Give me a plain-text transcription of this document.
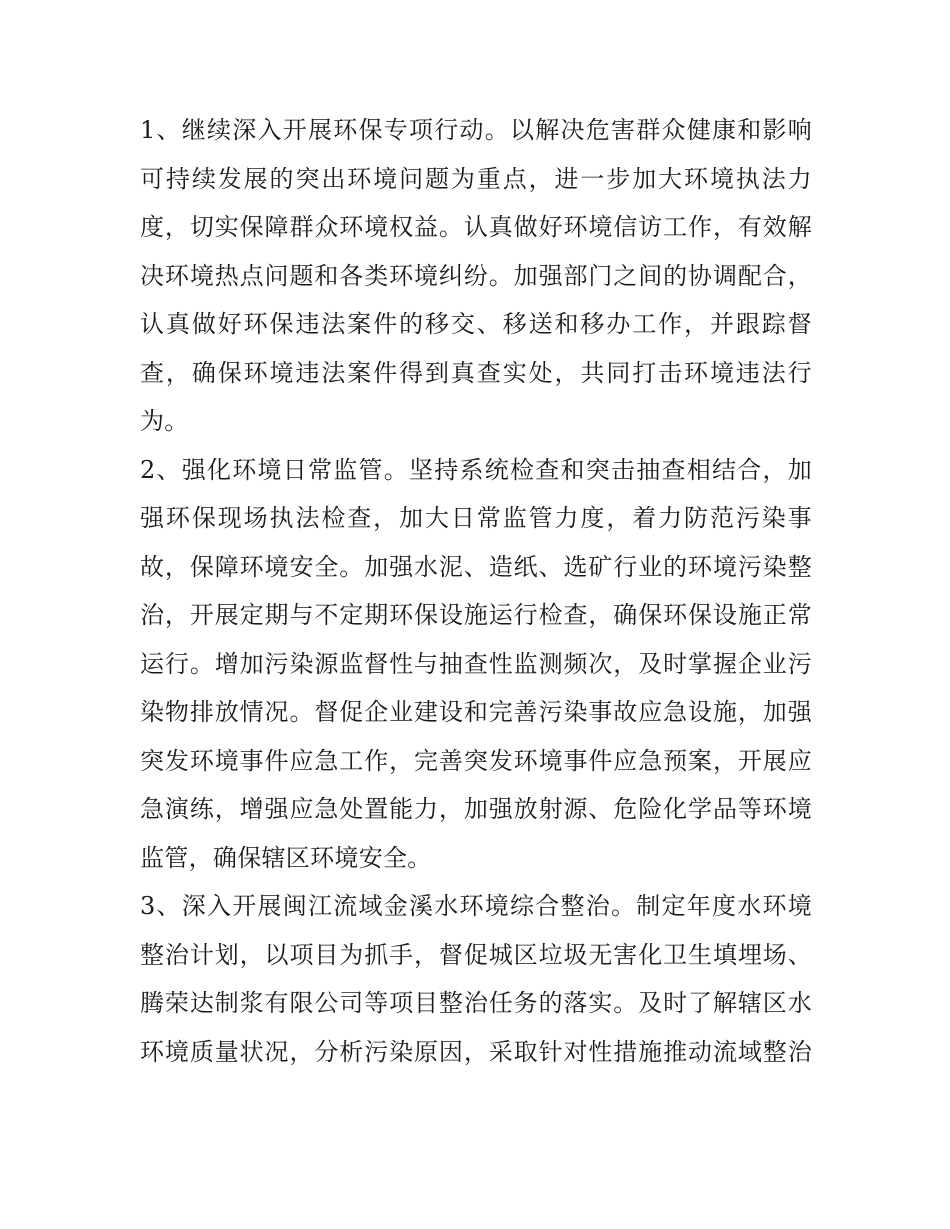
1、继续深入开展环保专项行动。以解决危害群众健康和影响
可持续发展的突出环境问题为重点，进一步加大环境执法力
度，切实保障群众环境权益。认真做好环境信访工作，有效解
决环境热点问题和各类环境纠纷。加强部门之间的协调配合，
认真做好环保违法案件的移交、移送和移办工作，并跟踪督
查，确保环境违法案件得到真查实处，共同打击环境违法行
为。
2、强化环境日常监管。坚持系统检查和突击抽查相结合，加
强环保现场执法检查，加大日常监管力度，着力防范污染事
故，保障环境安全。加强水泥、造纸、选矿行业的环境污染整
治，开展定期与不定期环保设施运行检查，确保环保设施正常
运行。增加污染源监督性与抽查性监测频次，及时掌握企业污
染物排放情况。督促企业建设和完善污染事故应急设施，加强
突发环境事件应急工作，完善突发环境事件应急预案，开展应
急演练，增强应急处置能力，加强放射源、危险化学品等环境
监管，确保辖区环境安全。
3、深入开展闽江流域金溪水环境综合整治。制定年度水环境
整治计划，以项目为抓手，督促城区垃圾无害化卫生填埋场、
腾荣达制浆有限公司等项目整治任务的落实。及时了解辖区水
环境质量状况，分析污染原因，采取针对性措施推动流域整治
